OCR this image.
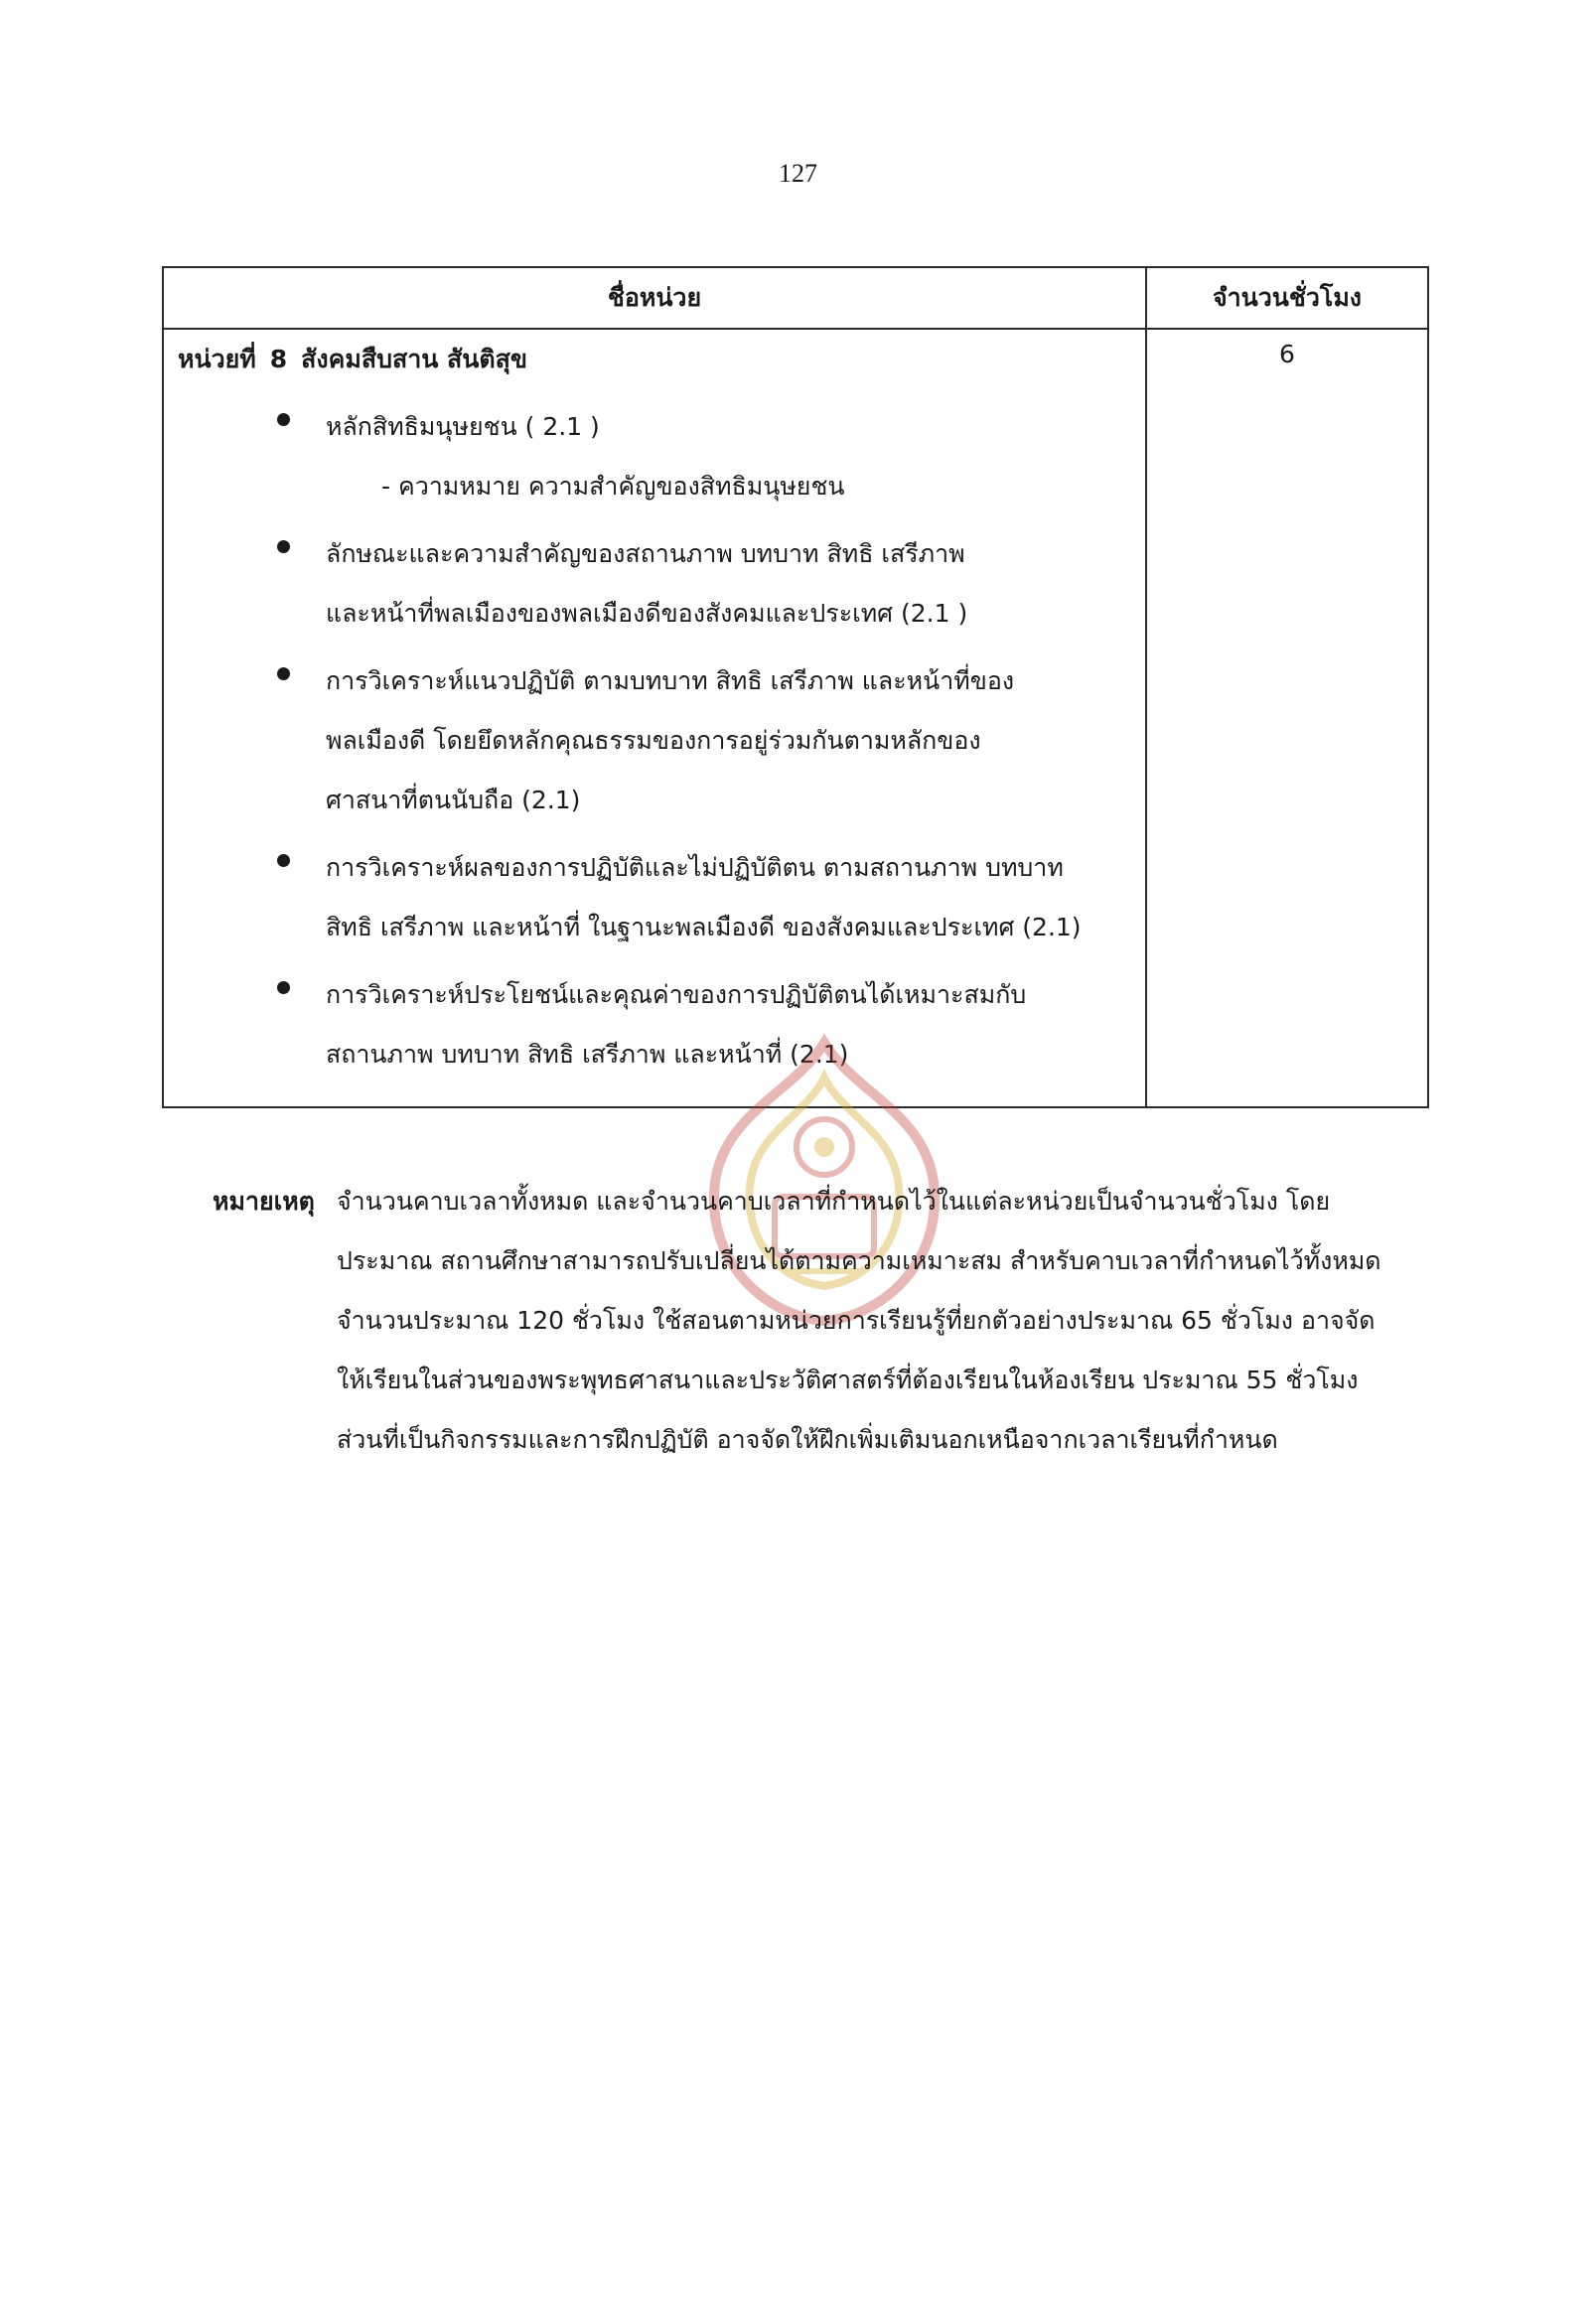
127
ชื่อหน่วย	จำนวนชั่วโมง
หน่วยที่ 8 สังคมสืบสาน สันติสุข	6
หลักสิทธิมนุษยชน ( 2.1 )
- ความหมาย ความสำคัญของสิทธิมนุษยชน
ลักษณะและความสำคัญของสถานภาพ บทบาท สิทธิ เสรีภาพ
และหน้าที่พลเมืองของพลเมืองดีของสังคมและประเทศ (2.1 )
การวิเคราะห์แนวปฏิบัติ ตามบทบาท สิทธิ เสรีภาพ และหน้าที่ของ
พลเมืองดี โดยยึดหลักคุณธรรมของการอยู่ร่วมกันตามหลักของ
ศาสนาที่ตนนับถือ (2.1)
การวิเคราะห์ผลของการปฏิบัติและไม่ปฏิบัติตน ตามสถานภาพ บทบาท
สิทธิ เสรีภาพ และหน้าที่ ในฐานะพลเมืองดี ของสังคมและประเทศ (2.1)
การวิเคราะห์ประโยชน์และคุณค่าของการปฏิบัติตนได้เหมาะสมกับ
สถานภาพ บทบาท สิทธิ เสรีภาพ และหน้าที่ (2.1)
หมายเหตุ จำนวนคาบเวลาทั้งหมด และจำนวนคาบเวลาที่กำหนดไว้ในแต่ละหน่วยเป็นจำนวนชั่วโมง โดย
ประมาณ สถานศึกษาสามารถปรับเปลี่ยนได้ตามความเหมาะสม สำหรับคาบเวลาที่กำหนดไว้ทั้งหมด
จำนวนประมาณ 120 ชั่วโมง ใช้สอนตามหน่วยการเรียนรู้ที่ยกตัวอย่างประมาณ 65 ชั่วโมง อาจจัด
ให้เรียนในส่วนของพระพุทธศาสนาและประวัติศาสตร์ที่ต้องเรียนในห้องเรียน ประมาณ 55 ชั่วโมง
ส่วนที่เป็นกิจกรรมและการฝึกปฏิบัติ อาจจัดให้ฝึกเพิ่มเติมนอกเหนือจากเวลาเรียนที่กำหนด
